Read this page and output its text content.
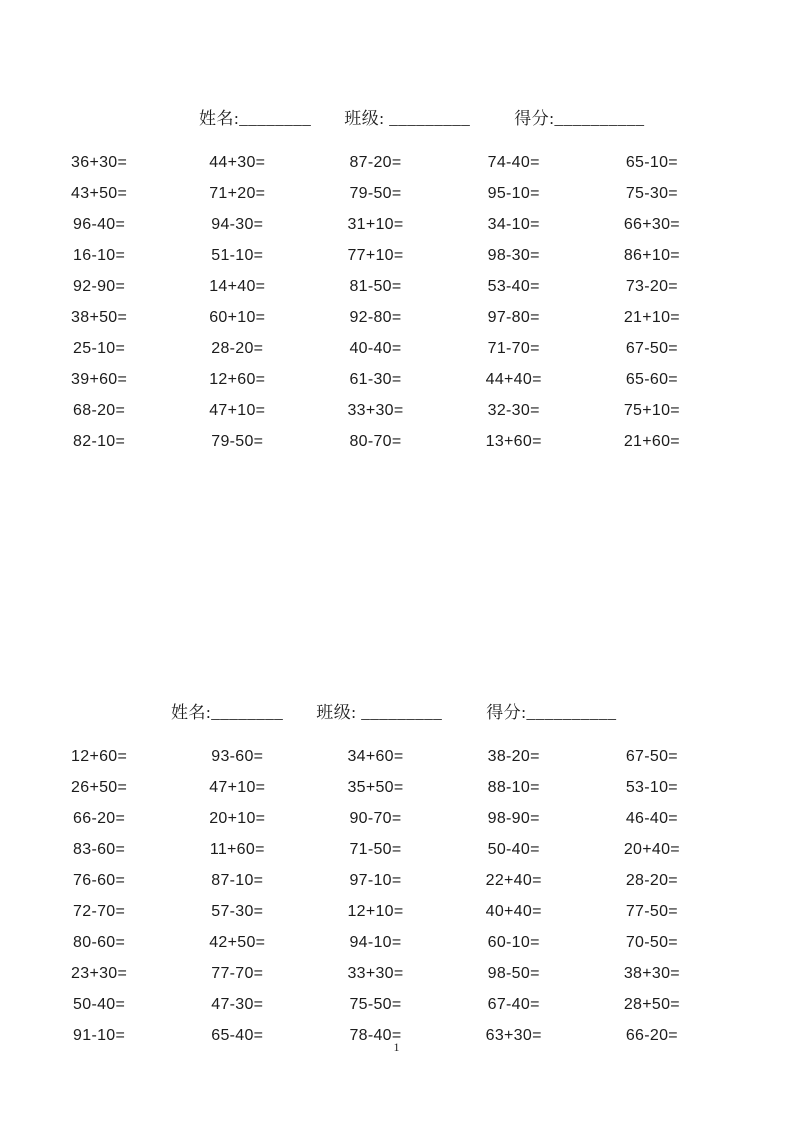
姓名:________ 班级: _________	得分:__________
36+30=	44+30=	87-20=	74-40=	65-10=
43+50=	71+20=	79-50=	95-10=	75-30=
96-40=	94-30=	31+10=	34-10=	66+30=
16-10=	51-10=	77+10=	98-30=	86+10=
92-90=	14+40=	81-50=	53-40=	73-20=
38+50=	60+10=	92-80=	97-80=	21+10=
25-10=	28-20=	40-40=	71-70=	67-50=
39+60=	12+60=	61-30=	44+40=	65-60=
68-20=	47+10=	33+30=	32-30=	75+10=
82-10=	79-50=	80-70=	13+60=	21+60=
姓名:________ 班级: _________	得分:__________
12+60=	93-60=	34+60=	38-20=	67-50=
26+50=	47+10=	35+50=	88-10=	53-10=
66-20=	20+10=	90-70=	98-90=	46-40=
83-60=	11+60=	71-50=	50-40=	20+40=
76-60=	87-10=	97-10=	22+40=	28-20=
72-70=	57-30=	12+10=	40+40=	77-50=
80-60=	42+50=	94-10=	60-10=	70-50=
23+30=	77-70=	33+30=	98-50=	38+30=
50-40=	47-30=	75-50=	67-40=	28+50=
91-10=	65-40=	78-40=	63+30=	66-20=
1
